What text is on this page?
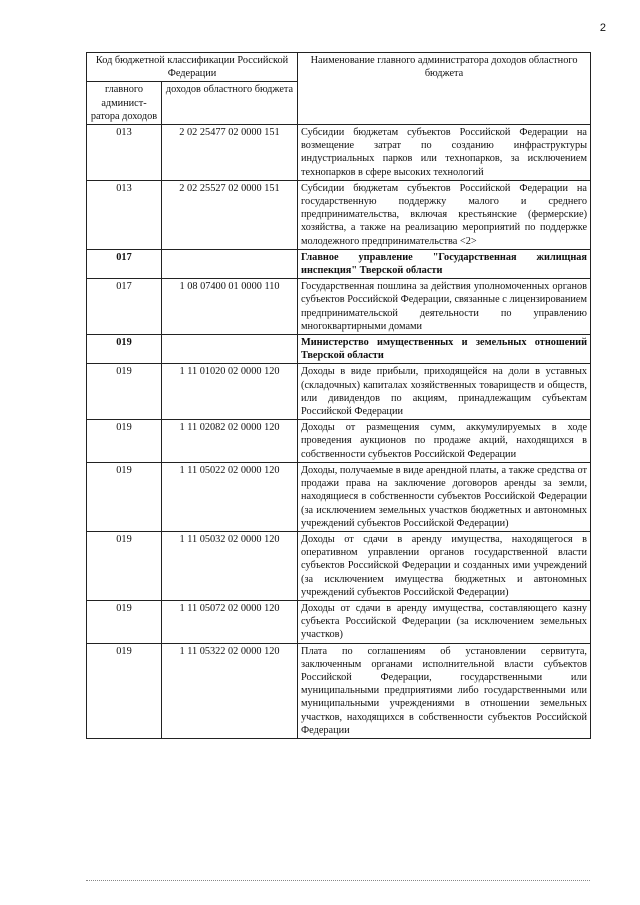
2
Код бюджетной классификации Российской Федерации		Наименование главного администратора доходов областного бюджета
главного админист-ратора доходов	доходов областного бюджета	
013	2 02 25477 02 0000 151	Субсидии бюджетам субъектов Российской Федерации на возмещение затрат по созданию инфраструктуры индустриальных парков или технопарков, за исключением технопарков в сфере высоких технологий
013	2 02 25527 02 0000 151	Субсидии бюджетам субъектов Российской Федерации на государственную поддержку малого и среднего предпринимательства, включая крестьянские (фермерские) хозяйства, а также на реализацию мероприятий по поддержке молодежного предпринимательства <2>
017		Главное управление "Государственная жилищная инспекция" Тверской области
017	1 08 07400 01 0000 110	Государственная пошлина за действия уполномоченных органов субъектов Российской Федерации, связанные с лицензированием предпринимательской деятельности по управлению многоквартирными домами
019		Министерство имущественных и земельных отношений Тверской области
019	1 11 01020 02 0000 120	Доходы в виде прибыли, приходящейся на доли в уставных (складочных) капиталах хозяйственных товариществ и обществ, или дивидендов по акциям, принадлежащим субъектам Российской Федерации
019	1 11 02082 02 0000 120	Доходы от размещения сумм, аккумулируемых в ходе проведения аукционов по продаже акций, находящихся в собственности субъектов Российской Федерации
019	1 11 05022 02 0000 120	Доходы, получаемые в виде арендной платы, а также средства от продажи права на заключение договоров аренды за земли, находящиеся в собственности субъектов Российской Федерации (за исключением земельных участков бюджетных и автономных учреждений субъектов Российской Федерации)
019	1 11 05032 02 0000 120	Доходы от сдачи в аренду имущества, находящегося в оперативном управлении органов государственной власти субъектов Российской Федерации и созданных ими учреждений (за исключением имущества бюджетных и автономных учреждений субъектов Российской Федерации)
019	1 11 05072 02 0000 120	Доходы от сдачи в аренду имущества, составляющего казну субъекта Российской Федерации (за исключением земельных участков)
019	1 11 05322 02 0000 120	Плата по соглашениям об установлении сервитута, заключенным органами исполнительной власти субъектов Российской Федерации, государственными или муниципальными предприятиями либо государственными или муниципальными учреждениями в отношении земельных участков, находящихся в собственности субъектов Российской Федерации
